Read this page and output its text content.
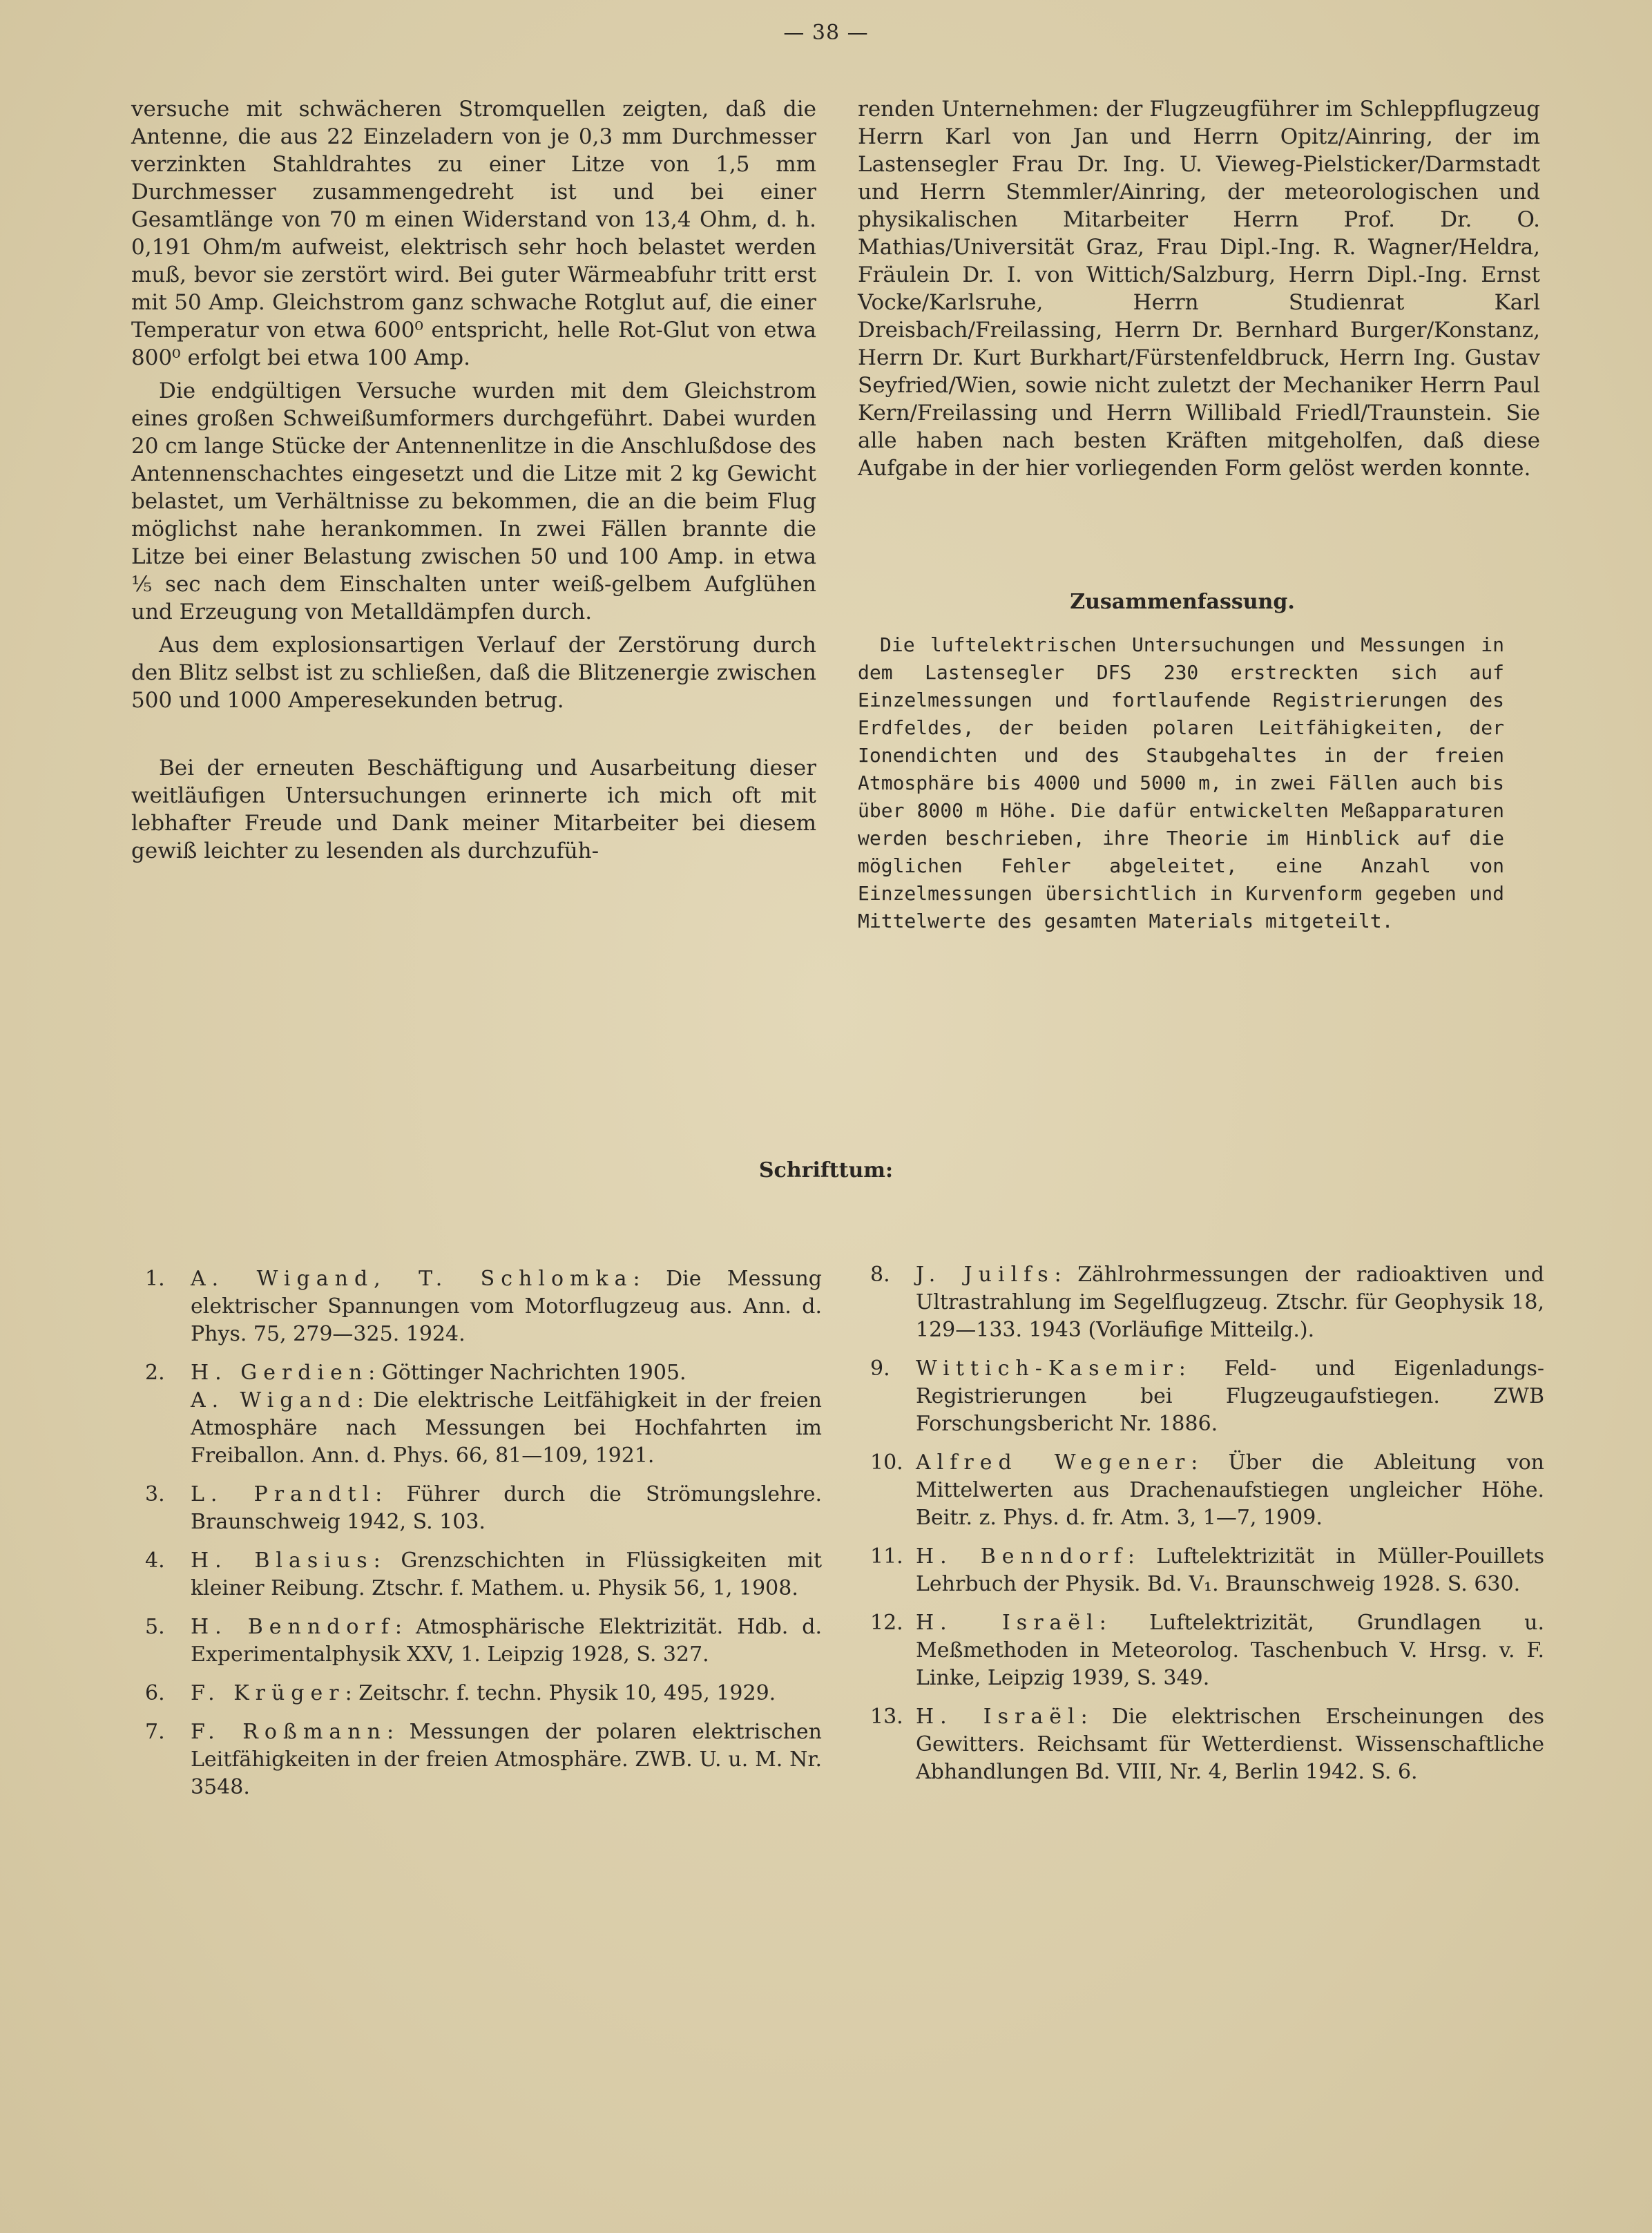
— 38 —

versuche mit schwächeren Stromquellen zeigten, daß die Antenne, die aus 22 Einzeladern von je 0,3 mm Durchmesser verzinkten Stahldrahtes zu einer Litze von 1,5 mm Durchmesser zusammengedreht ist und bei einer Gesamtlänge von 70 m einen Widerstand von 13,4 Ohm, d. h. 0,191 Ohm/m aufweist, elektrisch sehr hoch belastet werden muß, bevor sie zerstört wird. Bei guter Wärmeabfuhr tritt erst mit 50 Amp. Gleichstrom ganz schwache Rotglut auf, die einer Temperatur von etwa 600⁰ entspricht, helle Rot-Glut von etwa 800⁰ erfolgt bei etwa 100 Amp.

Die endgültigen Versuche wurden mit dem Gleichstrom eines großen Schweißumformers durchgeführt. Dabei wurden 20 cm lange Stücke der Antennenlitze in die Anschlußdose des Antennenschachtes eingesetzt und die Litze mit 2 kg Gewicht belastet, um Verhältnisse zu bekommen, die an die beim Flug möglichst nahe herankommen. In zwei Fällen brannte die Litze bei einer Belastung zwischen 50 und 100 Amp. in etwa ⅕ sec nach dem Einschalten unter weiß-gelbem Aufglühen und Erzeugung von Metalldämpfen durch.

Aus dem explosionsartigen Verlauf der Zerstörung durch den Blitz selbst ist zu schließen, daß die Blitzenergie zwischen 500 und 1000 Amperesekunden betrug.

Bei der erneuten Beschäftigung und Ausarbeitung dieser weitläufigen Untersuchungen erinnerte ich mich oft mit lebhafter Freude und Dank meiner Mitarbeiter bei diesem gewiß leichter zu lesenden als durchzufüh-

renden Unternehmen: der Flugzeugführer im Schleppflugzeug Herrn Karl von Jan und Herrn Opitz/Ainring, der im Lastensegler Frau Dr. Ing. U. Vieweg-Pielsticker/Darmstadt und Herrn Stemmler/Ainring, der meteorologischen und physikalischen Mitarbeiter Herrn Prof. Dr. O. Mathias/Universität Graz, Frau Dipl.-Ing. R. Wagner/Heldra, Fräulein Dr. I. von Wittich/Salzburg, Herrn Dipl.-Ing. Ernst Vocke/Karlsruhe, Herrn Studienrat Karl Dreisbach/Freilassing, Herrn Dr. Bernhard Burger/Konstanz, Herrn Dr. Kurt Burkhart/Fürstenfeldbruck, Herrn Ing. Gustav Seyfried/Wien, sowie nicht zuletzt der Mechaniker Herrn Paul Kern/Freilassing und Herrn Willibald Friedl/Traunstein. Sie alle haben nach besten Kräften mitgeholfen, daß diese Aufgabe in der hier vorliegenden Form gelöst werden konnte.

Zusammenfassung.

Die luftelektrischen Untersuchungen und Messungen in dem Lastensegler DFS 230 erstreckten sich auf Einzelmessungen und fortlaufende Registrierungen des Erdfeldes, der beiden polaren Leitfähigkeiten, der Ionendichten und des Staubgehaltes in der freien Atmosphäre bis 4000 und 5000 m, in zwei Fällen auch bis über 8000 m Höhe. Die dafür entwickelten Meßapparaturen werden beschrieben, ihre Theorie im Hinblick auf die möglichen Fehler abgeleitet, eine Anzahl von Einzelmessungen übersichtlich in Kurvenform gegeben und Mittelwerte des gesamten Materials mitgeteilt.

Schrifttum:
1. A. Wigand, T. Schlomka: Die Messung elektrischer Spannungen vom Motorflugzeug aus. Ann. d. Phys. 75, 279—325. 1924.
2. H. Gerdien: Göttinger Nachrichten 1905.
A. Wigand: Die elektrische Leitfähigkeit in der freien Atmosphäre nach Messungen bei Hochfahrten im Freiballon. Ann. d. Phys. 66, 81—109, 1921.
3. L. Prandtl: Führer durch die Strömungslehre. Braunschweig 1942, S. 103.
4. H. Blasius: Grenzschichten in Flüssigkeiten mit kleiner Reibung. Ztschr. f. Mathem. u. Physik 56, 1, 1908.
5. H. Benndorf: Atmosphärische Elektrizität. Hdb. d. Experimentalphysik XXV, 1. Leipzig 1928, S. 327.
6. F. Krüger: Zeitschr. f. techn. Physik 10, 495, 1929.
7. F. Roßmann: Messungen der polaren elektrischen Leitfähigkeiten in der freien Atmosphäre. ZWB. U. u. M. Nr. 3548.
8. J. Juilfs: Zählrohrmessungen der radioaktiven und Ultrastrahlung im Segelflugzeug. Ztschr. für Geophysik 18, 129—133. 1943 (Vorläufige Mitteilg.).
9. Wittich-Kasemir: Feld- und Eigenladungs-Registrierungen bei Flugzeugaufstiegen. ZWB Forschungsbericht Nr. 1886.
10. Alfred Wegener: Über die Ableitung von Mittelwerten aus Drachenaufstiegen ungleicher Höhe. Beitr. z. Phys. d. fr. Atm. 3, 1—7, 1909.
11. H. Benndorf: Luftelektrizität in Müller-Pouillets Lehrbuch der Physik. Bd. V₁. Braunschweig 1928. S. 630.
12. H. Israël: Luftelektrizität, Grundlagen u. Meßmethoden in Meteorolog. Taschenbuch V. Hrsg. v. F. Linke, Leipzig 1939, S. 349.
13. H. Israël: Die elektrischen Erscheinungen des Gewitters. Reichsamt für Wetterdienst. Wissenschaftliche Abhandlungen Bd. VIII, Nr. 4, Berlin 1942. S. 6.
